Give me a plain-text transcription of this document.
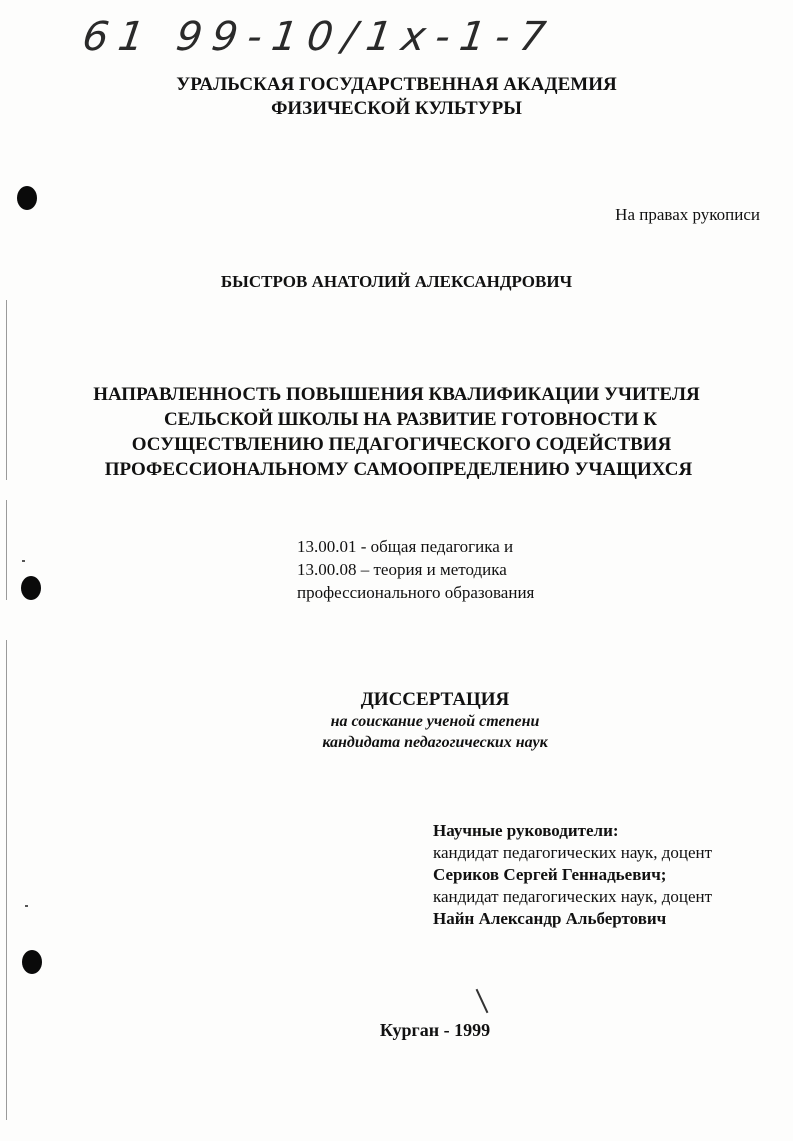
61 99-10/1х-1-7
УРАЛЬСКАЯ ГОСУДАРСТВЕННАЯ АКАДЕМИЯ
ФИЗИЧЕСКОЙ КУЛЬТУРЫ
На правах рукописи
БЫСТРОВ АНАТОЛИЙ АЛЕКСАНДРОВИЧ
НАПРАВЛЕННОСТЬ ПОВЫШЕНИЯ КВАЛИФИКАЦИИ УЧИТЕЛЯ
СЕЛЬСКОЙ ШКОЛЫ НА РАЗВИТИЕ ГОТОВНОСТИ К
ОСУЩЕСТВЛЕНИЮ ПЕДАГОГИЧЕСКОГО СОДЕЙСТВИЯ
ПРОФЕССИОНАЛЬНОМУ САМООПРЕДЕЛЕНИЮ УЧАЩИХСЯ
13.00.01 - общая педагогика и
13.00.08 – теория и методика
профессионального образования
ДИССЕРТАЦИЯ
на соискание ученой степени
кандидата педагогических наук
Научные руководители:
кандидат педагогических наук, доцент
Сериков Сергей Геннадьевич;
кандидат педагогических наук, доцент
Найн Александр Альбертович
Курган - 1999
